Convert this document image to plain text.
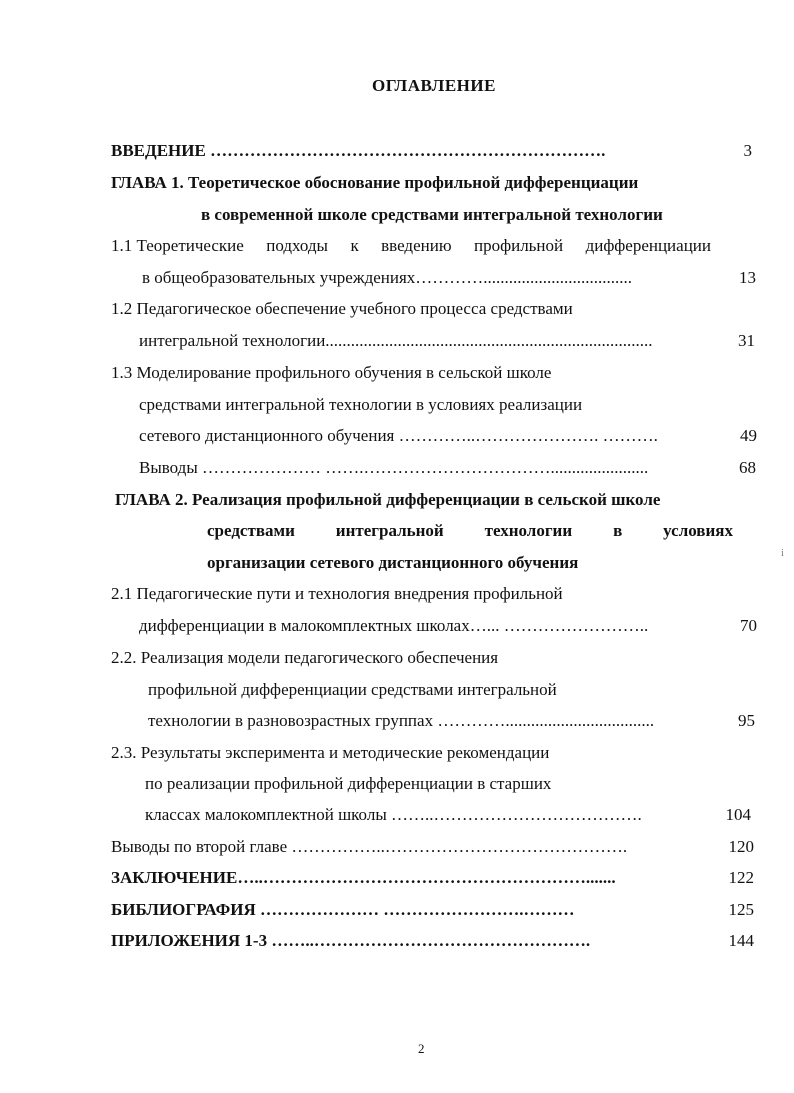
ОГЛАВЛЕНИЕ
ВВЕДЕНИЕ …………………………………………………………….	3
ГЛАВА 1. Теоретическое обоснование профильной дифференциации
в современной школе средствами интегральной технологии
1.1 Теоретические подходы к введению профильной дифференциации
в общеобразовательных учреждениях…………...................................	13
1.2 Педагогическое обеспечение учебного процесса средствами
интегральной технологии.............................................................................	31
1.3 Моделирование профильного обучения в сельской школе
средствами интегральной технологии в условиях реализации
сетевого дистанционного обучения …………..…………………. ……….	49
Выводы ………………… …….…………………………….......................	68
ГЛАВА 2. Реализация профильной дифференциации в сельской школе
средствами интегральной технологии в условиях
организации сетевого дистанционного обучения
2.1 Педагогические пути и технология внедрения профильной
дифференциации в малокомплектных школах…... ……………………..	70
2.2. Реализация модели педагогического обеспечения
профильной дифференциации средствами интегральной
технологии в разновозрастных группах …………...................................	95
2.3. Результаты эксперимента и методические рекомендации
по реализации профильной дифференциации в старших
классах малокомплектной школы ……..……………………………….	104
Выводы по второй главе ……………..…………………………………….	120
ЗАКЛЮЧЕНИЕ…..………………………………………………….......	122
БИБЛИОГРАФИЯ ………………… …………………….………	125
ПРИЛОЖЕНИЯ 1-3 ……..………………………………………….	144
i
2
